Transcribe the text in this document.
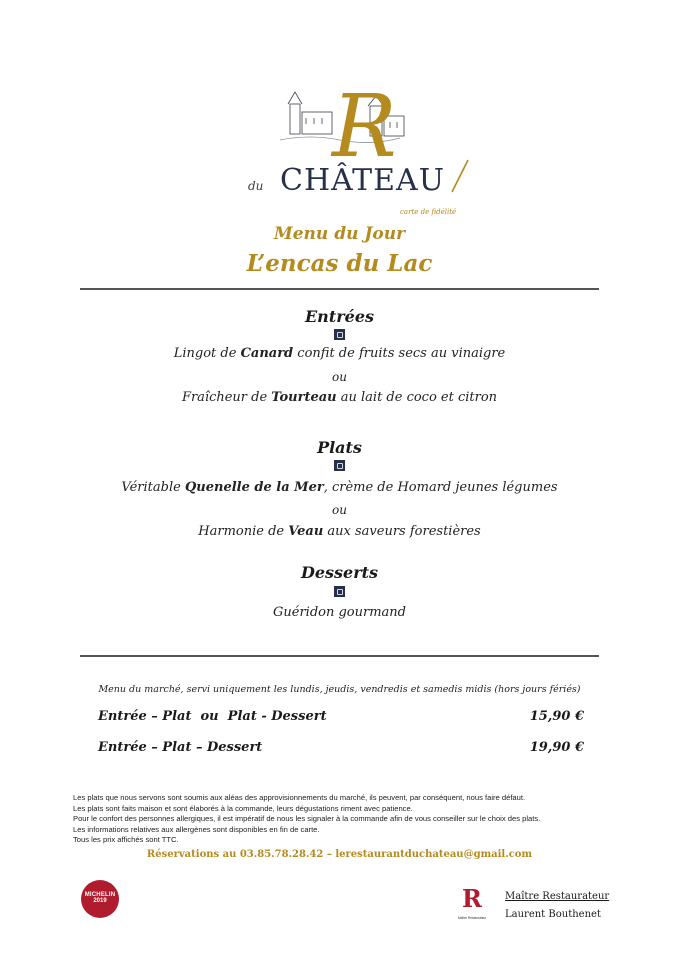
R
du CHÂTEAU
carte de fidélité
Menu du Jour
L’encas du Lac
Entrées
Lingot de Canard confit de fruits secs au vinaigre
ou
Fraîcheur de Tourteau au lait de coco et citron
Plats
Véritable Quenelle de la Mer, crème de Homard jeunes légumes
ou
Harmonie de Veau aux saveurs forestières
Desserts
Guéridon gourmand
Menu du marché, servi uniquement les lundis, jeudis, vendredis et samedis midis (hors jours fériés)
Entrée – Plat  ou  Plat - Dessert	15,90 €
Entrée – Plat – Dessert	19,90 €
Les plats que nous servons sont soumis aux aléas des approvisionnements du marché, ils peuvent, par conséquent, nous faire défaut.
Les plats sont faits maison et sont élaborés à la commande, leurs dégustations riment avec patience.
Pour le confort des personnes allergiques, il est impératif de nous les signaler à la commande afin de vous conseiller sur le choix des plats.
Les informations relatives aux allergènes sont disponibles en fin de carte.
Tous les prix affichés sont TTC.
Réservations au 03.85.78.28.42 – lerestaurantduchateau@gmail.com
MICHELIN
2019	R
Maître Restaurateur
Maître Restaurateur
Laurent Bouthenet
